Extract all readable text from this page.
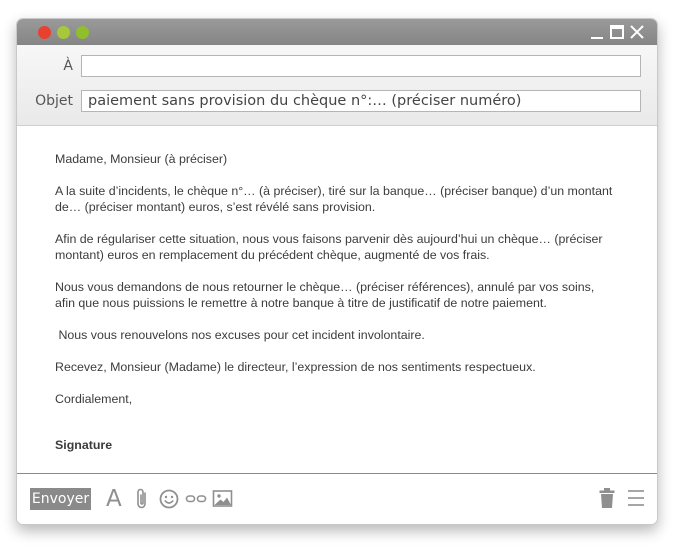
À
Objet	paiement sans provision du chèque n°:… (préciser numéro)

Madame, Monsieur (à préciser)

A la suite d’incidents, le chèque n°… (à préciser), tiré sur la banque… (préciser banque) d’un montant
de… (préciser montant) euros, s’est révélé sans provision.

Afin de régulariser cette situation, nous vous faisons parvenir dès aujourd’hui un chèque… (préciser
montant) euros en remplacement du précédent chèque, augmenté de vos frais.

Nous vous demandons de nous retourner le chèque… (préciser références), annulé par vos soins,
afin que nous puissions le remettre à notre banque à titre de justificatif de notre paiement.

Nous vous renouvelons nos excuses pour cet incident involontaire.

Recevez, Monsieur (Madame) le directeur, l’expression de nos sentiments respectueux.

Cordialement,

Signature

Envoyer A
